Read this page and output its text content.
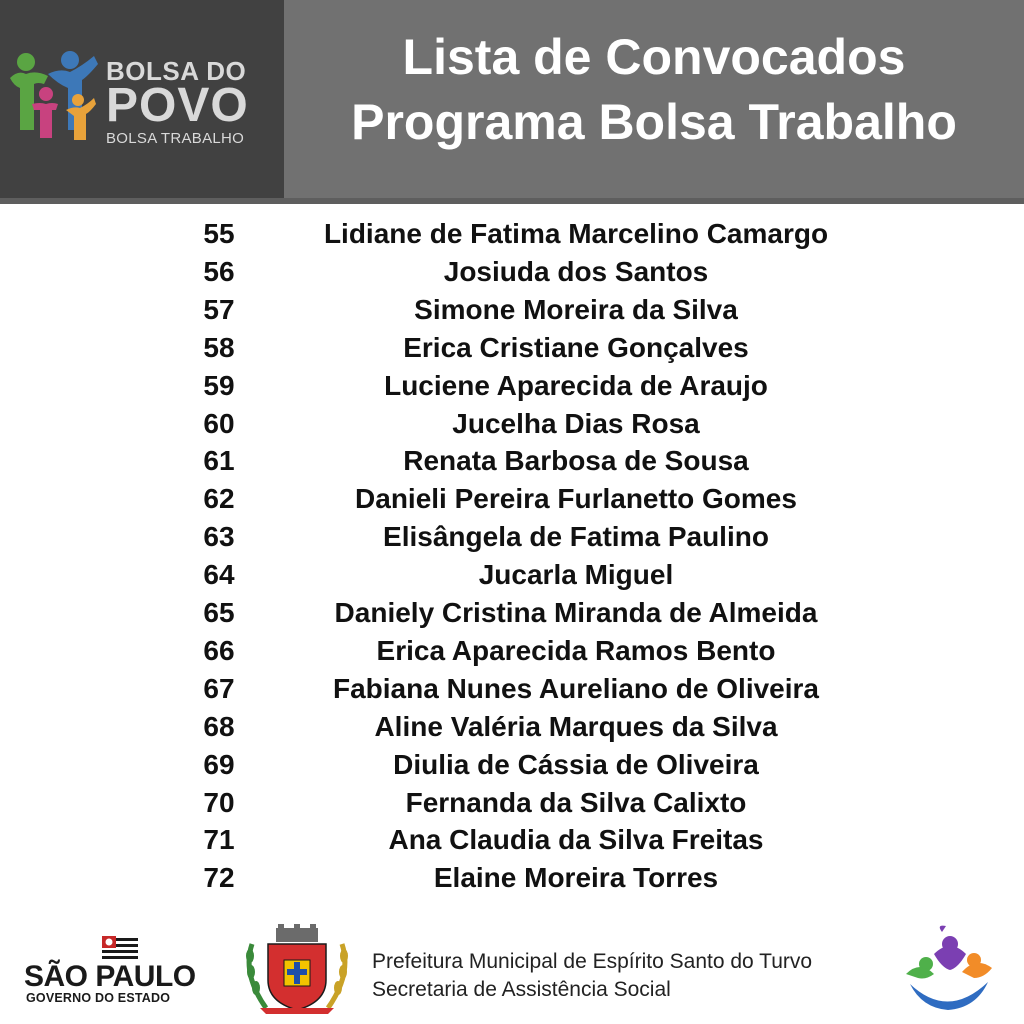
BOLSA DO
POVO
BOLSA TRABALHO
Lista de Convocados
Programa Bolsa Trabalho
55	Lidiane de Fatima Marcelino Camargo
56	Josiuda dos Santos
57	Simone Moreira da Silva
58	Erica Cristiane Gonçalves
59	Luciene Aparecida de Araujo
60	Jucelha Dias Rosa
61	Renata Barbosa de Sousa
62	Danieli Pereira Furlanetto Gomes
63	Elisângela de Fatima Paulino
64	Jucarla Miguel
65	Daniely Cristina Miranda de Almeida
66	Erica Aparecida Ramos Bento
67	Fabiana Nunes Aureliano de Oliveira
68	Aline Valéria Marques da Silva
69	Diulia de Cássia de Oliveira
70	Fernanda da Silva Calixto
71	Ana Claudia da Silva Freitas
72	Elaine Moreira Torres
SÃO PAULO
GOVERNO DO ESTADO
Prefeitura Municipal de Espírito Santo do Turvo
Secretaria de Assistência Social
